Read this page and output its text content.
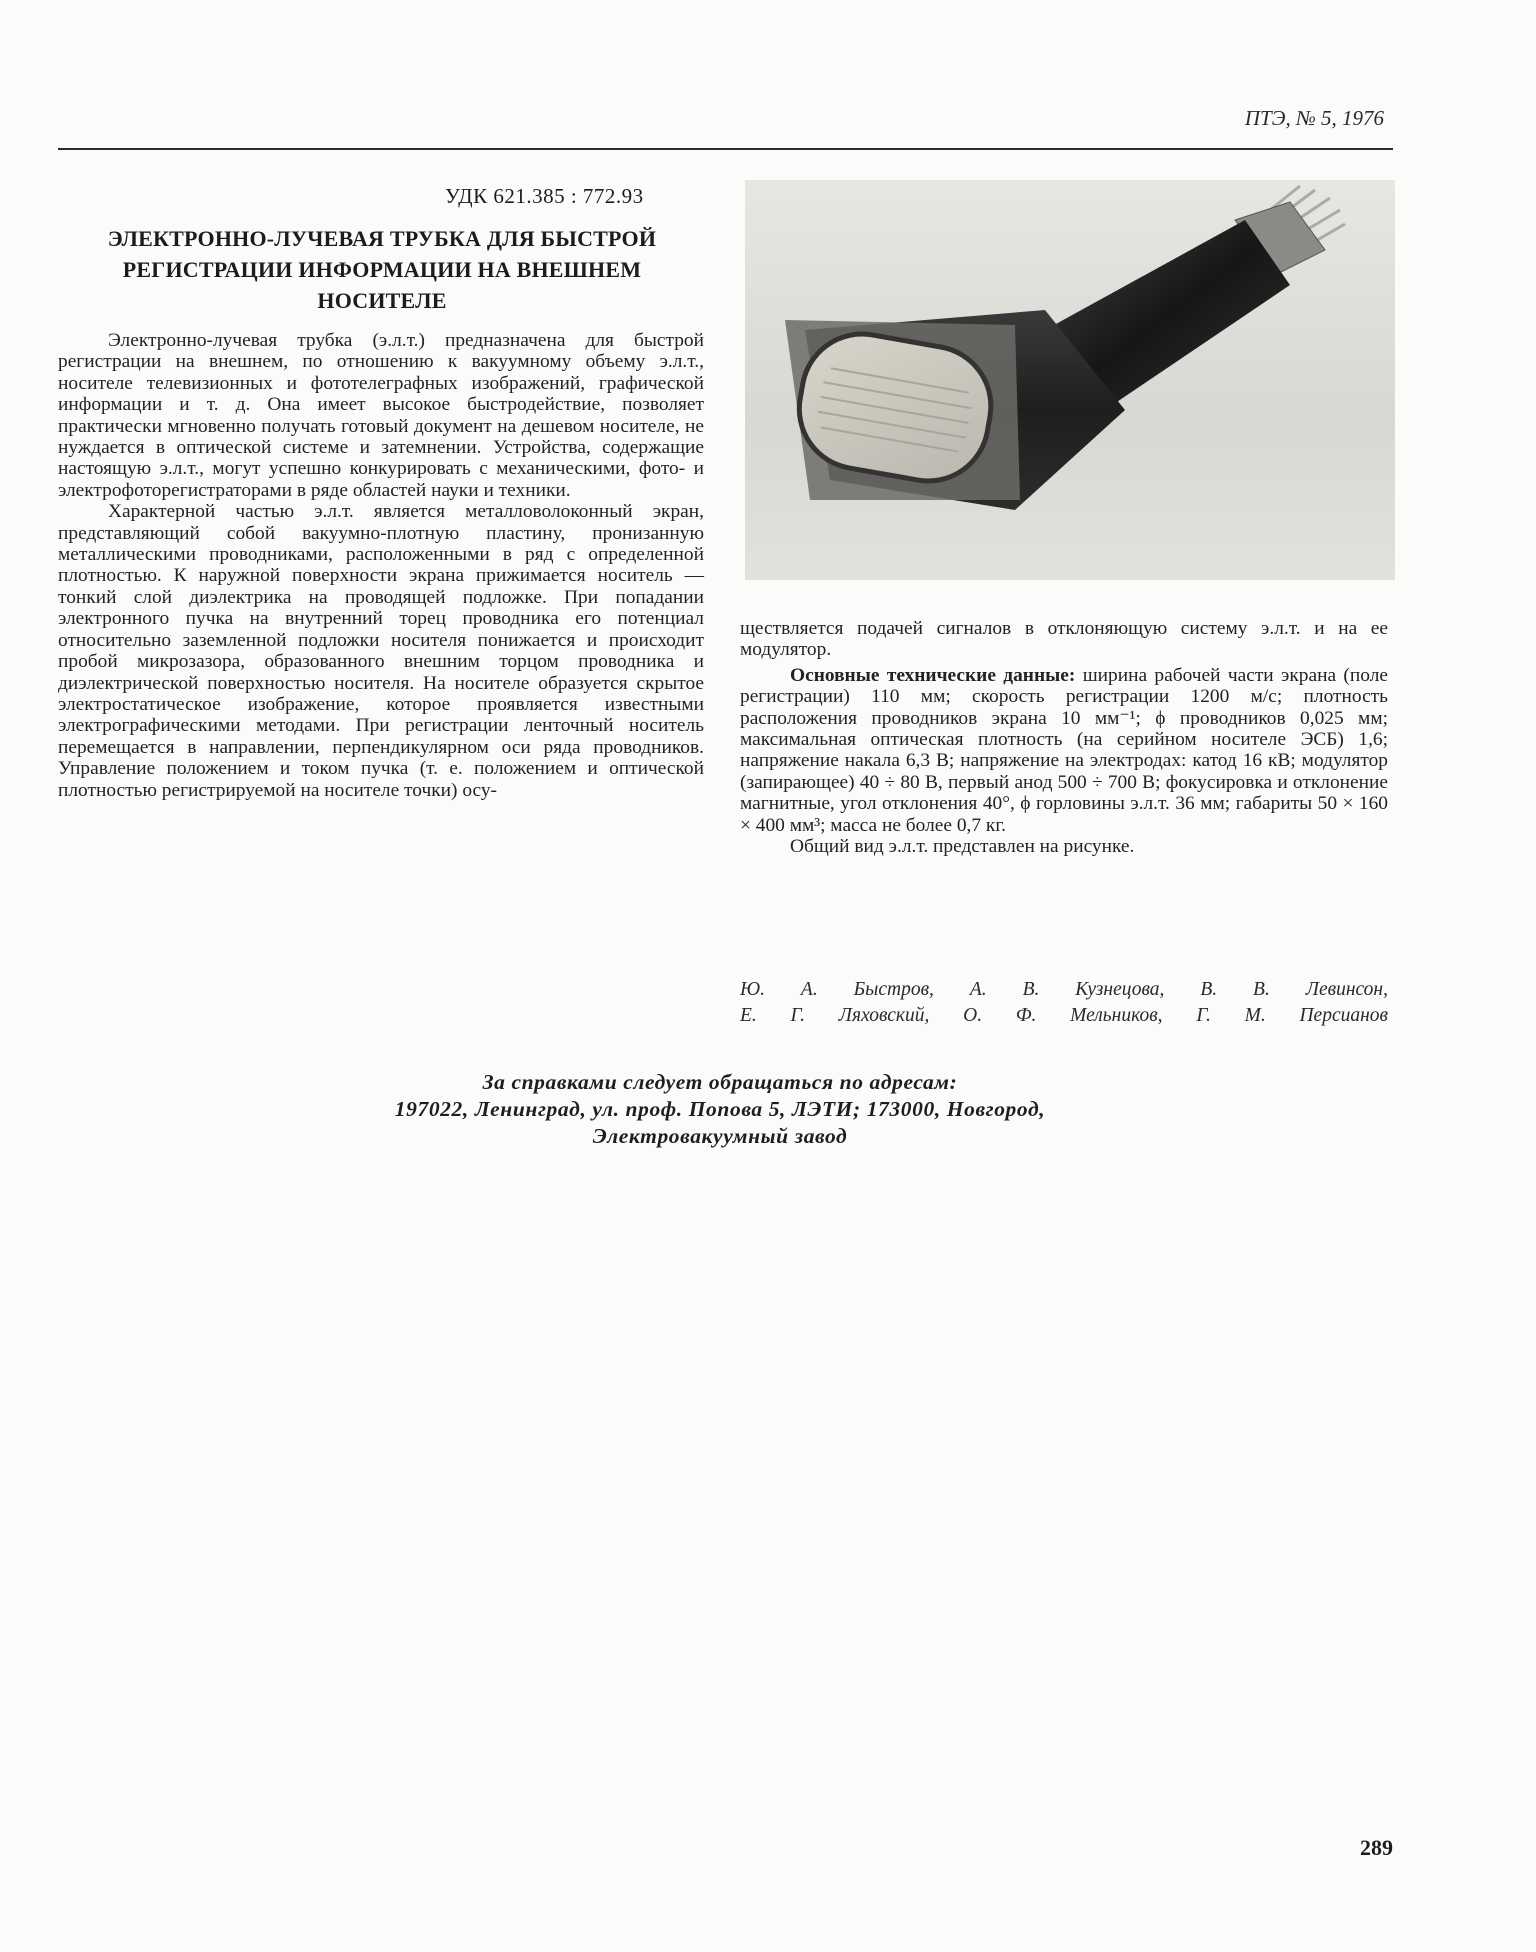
ПТЭ, № 5, 1976
УДК 621.385 : 772.93
ЭЛЕКТРОННО-ЛУЧЕВАЯ ТРУБКА ДЛЯ БЫСТРОЙ
РЕГИСТРАЦИИ ИНФОРМАЦИИ НА ВНЕШНЕМ
НОСИТЕЛЕ

Электронно-лучевая трубка (э.л.т.) предназначена для быстрой регистрации на внешнем, по отношению к вакуумному объему э.л.т., носителе телевизионных и фототелеграфных изображений, графической информации и т. д. Она имеет высокое быстродействие, позволяет практически мгновенно получать готовый документ на дешевом носителе, не нуждается в оптической системе и затемнении. Устройства, содержащие настоящую э.л.т., могут успешно конкурировать с механическими, фото- и электрофоторегистраторами в ряде областей науки и техники.

Характерной частью э.л.т. является металловолоконный экран, представляющий собой вакуумно-плотную пластину, пронизанную металлическими проводниками, расположенными в ряд с определенной плотностью. К наружной поверхности экрана прижимается носитель — тонкий слой диэлектрика на проводящей подложке. При попадании электронного пучка на внутренний торец проводника его потенциал относительно заземленной подложки носителя понижается и происходит пробой микрозазора, образованного внешним торцом проводника и диэлектрической поверхностью носителя. На носителе образуется скрытое электростатическое изображение, которое проявляется известными электрографическими методами. При регистрации ленточный носитель перемещается в направлении, перпендикулярном оси ряда проводников. Управление положением и током пучка (т. е. положением и оптической плотностью регистрируемой на носителе точки) осу-

ществляется подачей сигналов в отклоняющую систему э.л.т. и на ее модулятор.

Основные технические данные: ширина рабочей части экрана (поле регистрации) 110 мм; скорость регистрации 1200 м/с; плотность расположения проводников экрана 10 мм⁻¹; ϕ проводников 0,025 мм; максимальная оптическая плотность (на серийном носителе ЭСБ) 1,6; напряжение накала 6,3 В; напряжение на электродах: катод 16 кВ; модулятор (запирающее) 40 ÷ 80 В, первый анод 500 ÷ 700 В; фокусировка и отклонение магнитные, угол отклонения 40°, ϕ горловины э.л.т. 36 мм; габариты 50 × 160 × 400 мм³; масса не более 0,7 кг.

Общий вид э.л.т. представлен на рисунке.

Ю. А. Быстров, А. В. Кузнецова, В. В. Левинсон,
Е. Г. Ляховский, О. Ф. Мельников, Г. М. Персианов
За справками следует обращаться по адресам:
197022, Ленинград, ул. проф. Попова 5, ЛЭТИ; 173000, Новгород,
Электровакуумный завод
289
